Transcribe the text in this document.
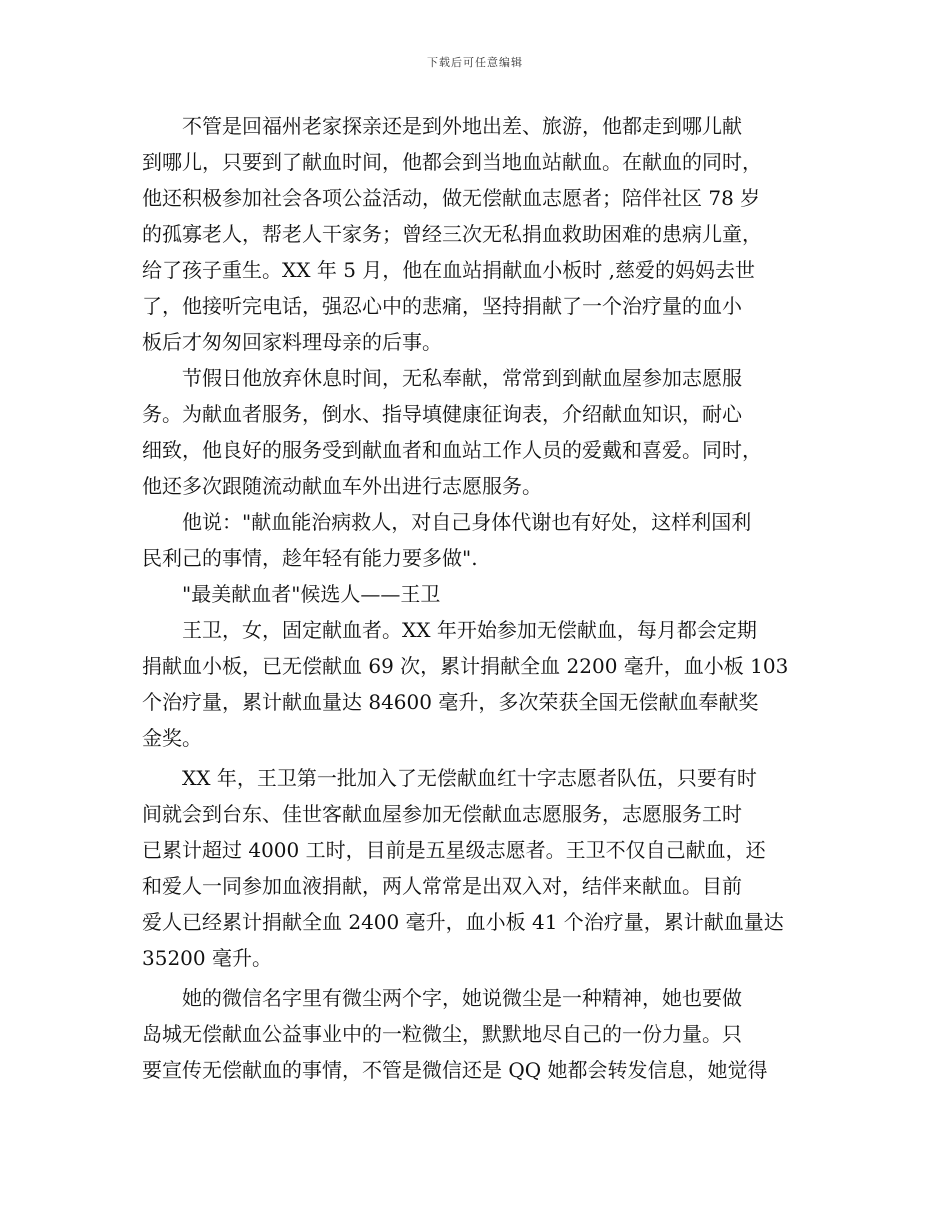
下载后可任意编辑
不管是回福州老家探亲还是到外地出差、旅游，他都走到哪儿献
到哪儿，只要到了献血时间，他都会到当地血站献血。在献血的同时，
他还积极参加社会各项公益活动，做无偿献血志愿者；陪伴社区 78 岁
的孤寡老人，帮老人干家务；曾经三次无私捐血救助困难的患病儿童，
给了孩子重生。XX 年 5 月，他在血站捐献血小板时 ,慈爱的妈妈去世
了，他接听完电话，强忍心中的悲痛，坚持捐献了一个治疗量的血小
板后才匆匆回家料理母亲的后事。
节假日他放弃休息时间，无私奉献，常常到到献血屋参加志愿服
务。为献血者服务，倒水、指导填健康征询表，介绍献血知识，耐心
细致，他良好的服务受到献血者和血站工作人员的爱戴和喜爱。同时，
他还多次跟随流动献血车外出进行志愿服务。
他说："献血能治病救人，对自己身体代谢也有好处，这样利国利
民利己的事情，趁年轻有能力要多做".
"最美献血者"候选人——王卫
王卫，女，固定献血者。XX 年开始参加无偿献血，每月都会定期
捐献血小板，已无偿献血 69 次，累计捐献全血 2200 毫升，血小板 103
个治疗量，累计献血量达 84600 毫升，多次荣获全国无偿献血奉献奖
金奖。
XX 年，王卫第一批加入了无偿献血红十字志愿者队伍，只要有时
间就会到台东、佳世客献血屋参加无偿献血志愿服务，志愿服务工时
已累计超过 4000 工时，目前是五星级志愿者。王卫不仅自己献血，还
和爱人一同参加血液捐献，两人常常是出双入对，结伴来献血。目前
爱人已经累计捐献全血 2400 毫升，血小板 41 个治疗量，累计献血量达
35200 毫升。
她的微信名字里有微尘两个字，她说微尘是一种精神，她也要做
岛城无偿献血公益事业中的一粒微尘，默默地尽自己的一份力量。只
要宣传无偿献血的事情，不管是微信还是 QQ 她都会转发信息，她觉得
